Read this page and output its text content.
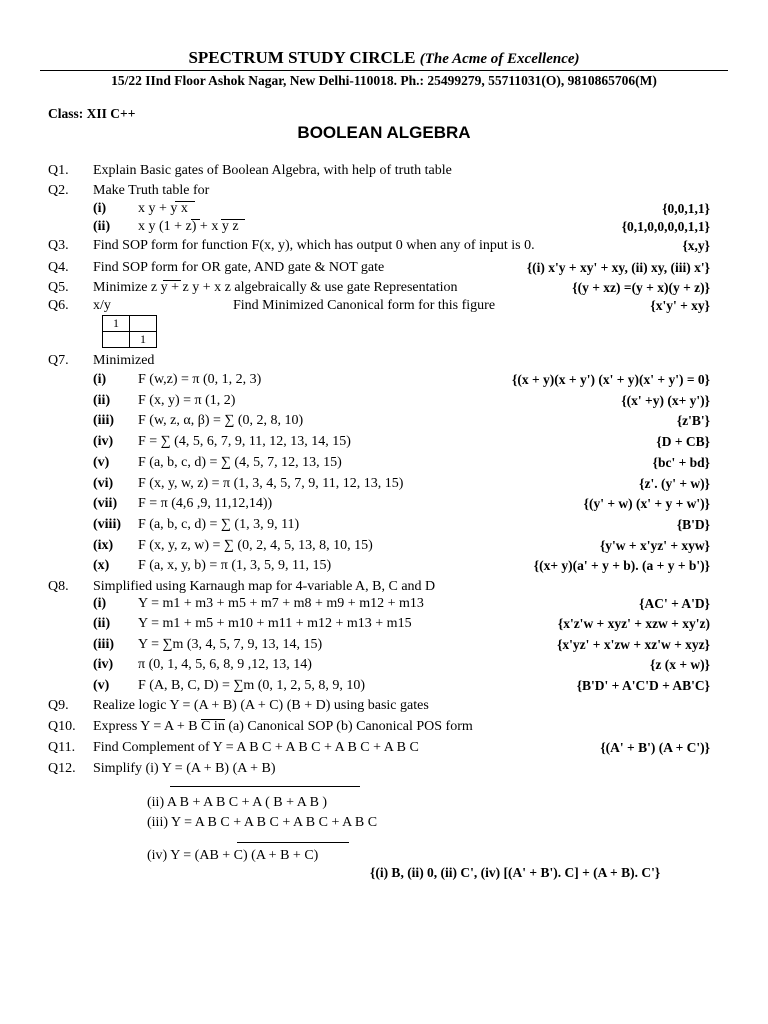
SPECTRUM STUDY CIRCLE (The Acme of Excellence)
15/22 IInd Floor Ashok Nagar, New Delhi-110018. Ph.: 25499279, 55711031(O), 9810865706(M)
Class: XII C++
BOOLEAN ALGEBRA
Q1. Explain Basic gates of Boolean Algebra, with help of truth table
Q2. Make Truth table for
(i) x y + y x	{0,0,1,1}
(ii) x y (1 + z) + x y z	{0,1,0,0,0,0,1,1}
Q3. Find SOP form for function F(x, y), which has output 0 when any of input is 0.	{x,y}
Q4. Find SOP form for OR gate, AND gate & NOT gate	{(i) x'y + xy' + xy, (ii) xy, (iii) x'}
Q5. Minimize z y + z y + x z algebraically & use gate Representation	{(y + xz) =(y + x)(y + z)}
Q6. x/y	Find Minimized Canonical form for this figure	{x'y' + xy}
1	
	1
Q7. Minimized
(i) F (w,z) = π (0, 1, 2, 3)	{(x + y)(x + y') (x' + y)(x' + y') = 0}
(ii) F (x, y) = π (1, 2)	{(x' +y) (x+ y')}
(iii) F (w, z, α, β) = ∑ (0, 2, 8, 10)	{z'B'}
(iv) F = ∑ (4, 5, 6, 7, 9, 11, 12, 13, 14, 15)	{D + CB}
(v) F (a, b, c, d) = ∑ (4, 5, 7, 12, 13, 15)	{bc' + bd}
(vi) F (x, y, w, z) = π (1, 3, 4, 5, 7, 9, 11, 12, 13, 15)	{z'. (y' + w)}
(vii) F = π (4,6 ,9, 11,12,14))	{(y' + w) (x' + y + w')}
(viii) F (a, b, c, d) = ∑ (1, 3, 9, 11)	{B'D}
(ix) F (x, y, z, w) = ∑ (0, 2, 4, 5, 13, 8, 10, 15)	{y'w + x'yz' + xyw}
(x) F (a, x, y, b) = π (1, 3, 5, 9, 11, 15)	{(x+ y)(a' + y + b). (a + y + b')}
Q8. Simplified using Karnaugh map for 4-variable A, B, C and D
(i) Y = m1 + m3 + m5 + m7 + m8 + m9 + m12 + m13	{AC' + A'D}
(ii) Y = m1 + m5 + m10 + m11 + m12 + m13 + m15	{x'z'w + xyz' + xzw + xy'z)
(iii) Y = ∑m (3, 4, 5, 7, 9, 13, 14, 15)	{x'yz' + x'zw + xz'w + xyz}
(iv) π (0, 1, 4, 5, 6, 8, 9 ,12, 13, 14)	{z (x + w)}
(v) F (A, B, C, D) = ∑m (0, 1, 2, 5, 8, 9, 10)	{B'D' + A'C'D + AB'C}
Q9. Realize logic Y = (A + B) (A + C) (B + D) using basic gates
Q10. Express Y = A + B C in (a) Canonical SOP (b) Canonical POS form
Q11. Find Complement of Y = A B C + A B C + A B C + A B C	{(A' + B') (A + C')}
Q12. Simplify (i) Y = (A + B) (A + B)
(ii) A B + A B C + A ( B + A B )
(iii) Y = A B C + A B C + A B C + A B C
(iv) Y = (AB + C) (A + B + C)
{(i) B, (ii) 0, (ii) C', (iv) [(A' + B'). C] + (A + B). C'}
